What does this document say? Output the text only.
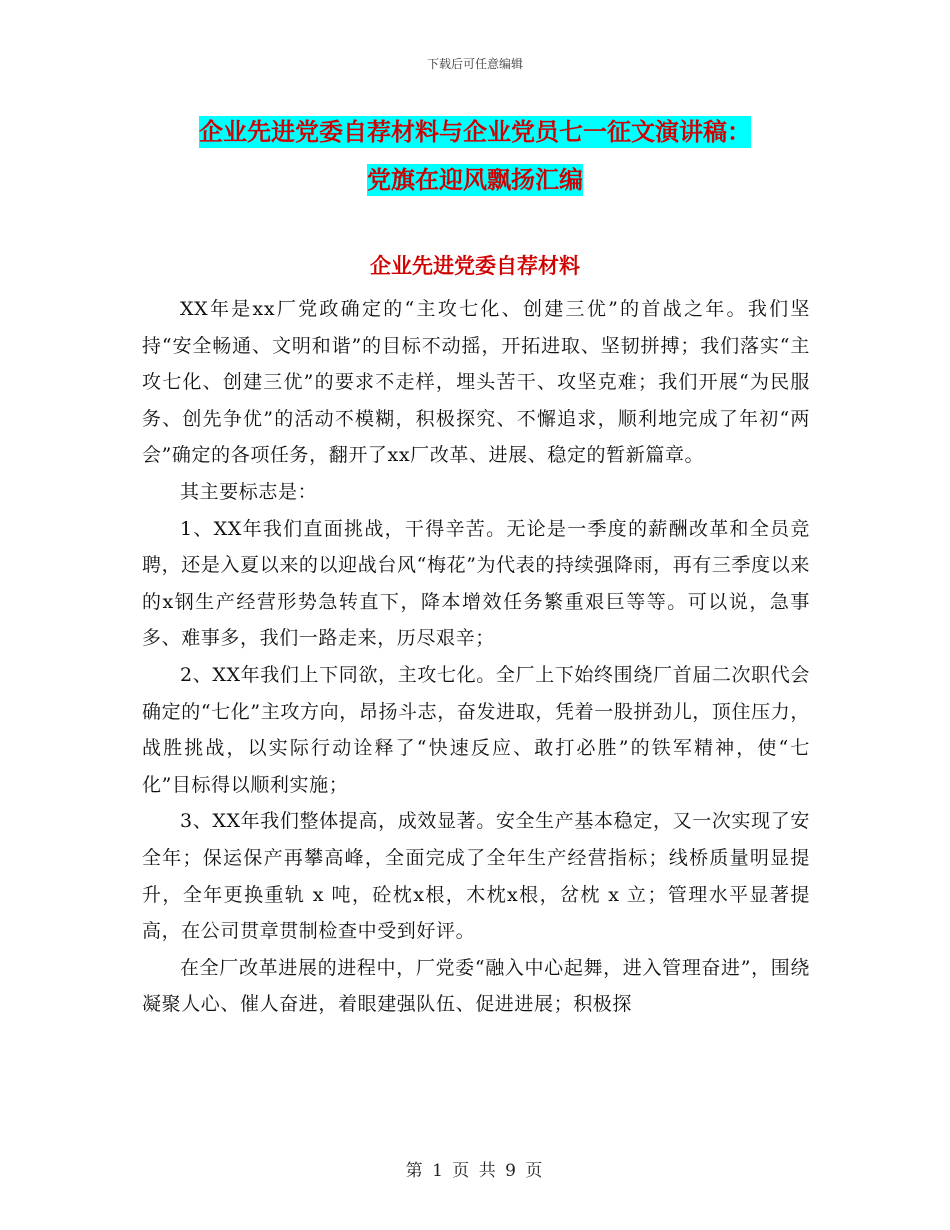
下载后可任意编辑
企业先进党委自荐材料与企业党员七一征文演讲稿：
党旗在迎风飘扬汇编
企业先进党委自荐材料

XX年是xx厂党政确定的“主攻七化、创建三优”的首战之年。我们坚持“安全畅通、文明和谐”的目标不动摇，开拓进取、坚韧拼搏；我们落实“主攻七化、创建三优”的要求不走样，埋头苦干、攻坚克难；我们开展“为民服务、创先争优”的活动不模糊，积极探究、不懈追求，顺利地完成了年初“两会”确定的各项任务，翻开了xx厂改革、进展、稳定的暂新篇章。

其主要标志是：

1、XX年我们直面挑战，干得辛苦。无论是一季度的薪酬改革和全员竞聘，还是入夏以来的以迎战台风“梅花”为代表的持续强降雨，再有三季度以来的x钢生产经营形势急转直下，降本增效任务繁重艰巨等等。可以说，急事多、难事多，我们一路走来，历尽艰辛；

2、XX年我们上下同欲，主攻七化。全厂上下始终围绕厂首届二次职代会确定的“七化”主攻方向，昂扬斗志，奋发进取，凭着一股拼劲儿，顶住压力，战胜挑战，以实际行动诠释了“快速反应、敢打必胜”的铁军精神，使“七化”目标得以顺利实施；

3、XX年我们整体提高，成效显著。安全生产基本稳定，又一次实现了安全年；保运保产再攀高峰，全面完成了全年生产经营指标；线桥质量明显提升，全年更换重轨 x 吨，砼枕x根，木枕x根，岔枕 x 立；管理水平显著提高，在公司贯章贯制检查中受到好评。

在全厂改革进展的进程中，厂党委“融入中心起舞，进入管理奋进”，围绕凝聚人心、催人奋进，着眼建强队伍、促进进展；积极探

第 1 页 共 9 页
